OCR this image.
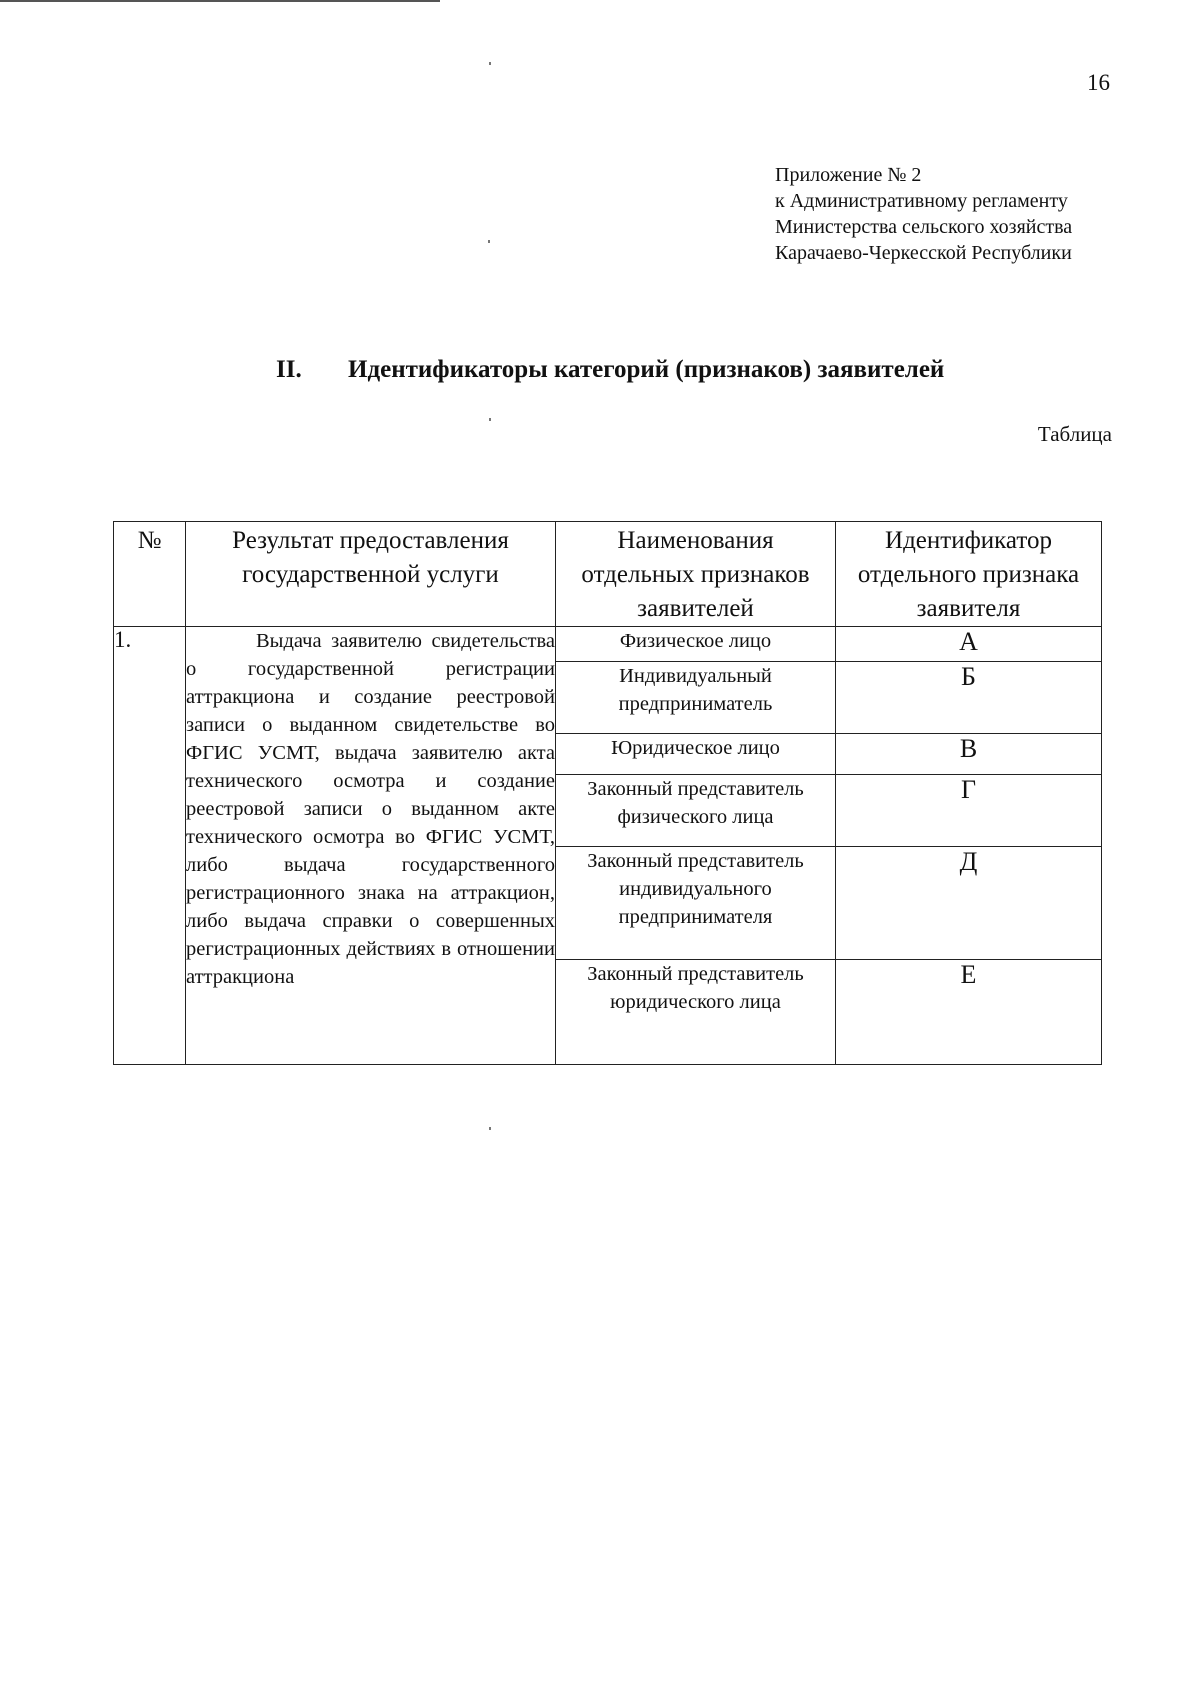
16
Приложение № 2
к Административному регламенту
Министерства сельского хозяйства
Карачаево-Черкесской Республики
II. Идентификаторы категорий (признаков) заявителей
Таблица
№	Результат предоставления государственной услуги	Наименования отдельных признаков заявителей	Идентификатор отдельного признака заявителя
1.	Выдача заявителю свидетельства о государственной регистрации аттракциона и создание реестровой записи о выданном свидетельстве во ФГИС УСМТ, выдача заявителю акта технического осмотра и создание реестровой записи о выданном акте технического осмотра во ФГИС УСМТ, либо выдача государственного регистрационного знака на аттракцион, либо выдача справки о совершенных регистрационных действиях в отношении аттракциона	Физическое лицо	А
		Индивидуальный предприниматель	Б
		Юридическое лицо	В
		Законный представитель физического лица	Г
		Законный представитель индивидуального предпринимателя	Д
		Законный представитель юридического лица	Е
